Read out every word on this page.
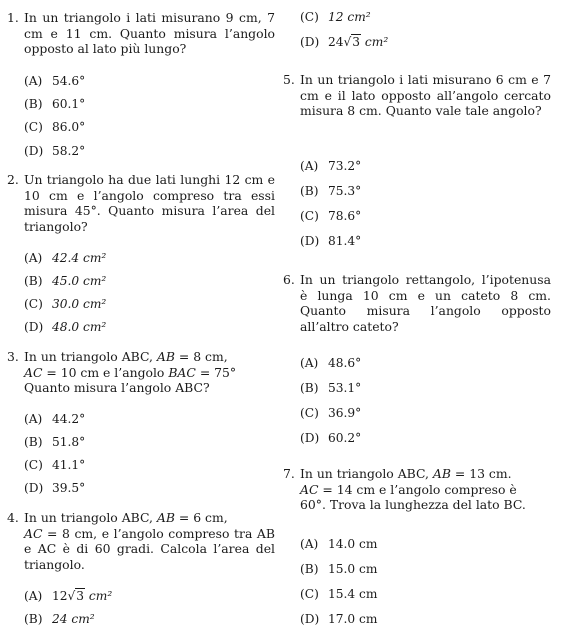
1. In un triangolo i lati misurano 9 cm, 7 cm e 11 cm. Quanto misura l’angolo opposto al lato più lungo?
(A) 54.6°
(B) 60.1°
(C) 86.0°
(D) 58.2°
2. Un triangolo ha due lati lunghi 12 cm e 10 cm e l’angolo compreso tra essi misura 45°. Quanto misura l’area del triangolo?
(A) 42.4 cm²
(B) 45.0 cm²
(C) 30.0 cm²
(D) 48.0 cm²
3. In un triangolo ABC, AB = 8 cm,
AC = 10 cm e l’angolo BAC = 75°
Quanto misura l’angolo ABC?
(A) 44.2°
(B) 51.8°
(C) 41.1°
(D) 39.5°
4. In un triangolo ABC, AB = 6 cm,
AC = 8 cm, e l’angolo compreso tra AB e AC è di 60 gradi. Calcola l’area del triangolo.
(A) 12√3 cm²
(B) 24 cm²
(C) 12 cm²
(D) 24√3 cm²
5. In un triangolo i lati misurano 6 cm e 7 cm e il lato opposto all’angolo cercato misura 8 cm. Quanto vale tale angolo?
(A) 73.2°
(B) 75.3°
(C) 78.6°
(D) 81.4°
6. In un triangolo rettangolo, l’ipotenusa è lunga 10 cm e un cateto 8 cm. Quanto misura l’angolo opposto all’altro cateto?
(A) 48.6°
(B) 53.1°
(C) 36.9°
(D) 60.2°
7. In un triangolo ABC, AB = 13 cm.
AC = 14 cm e l’angolo compreso è
60°. Trova la lunghezza del lato BC.
(A) 14.0 cm
(B) 15.0 cm
(C) 15.4 cm
(D) 17.0 cm
